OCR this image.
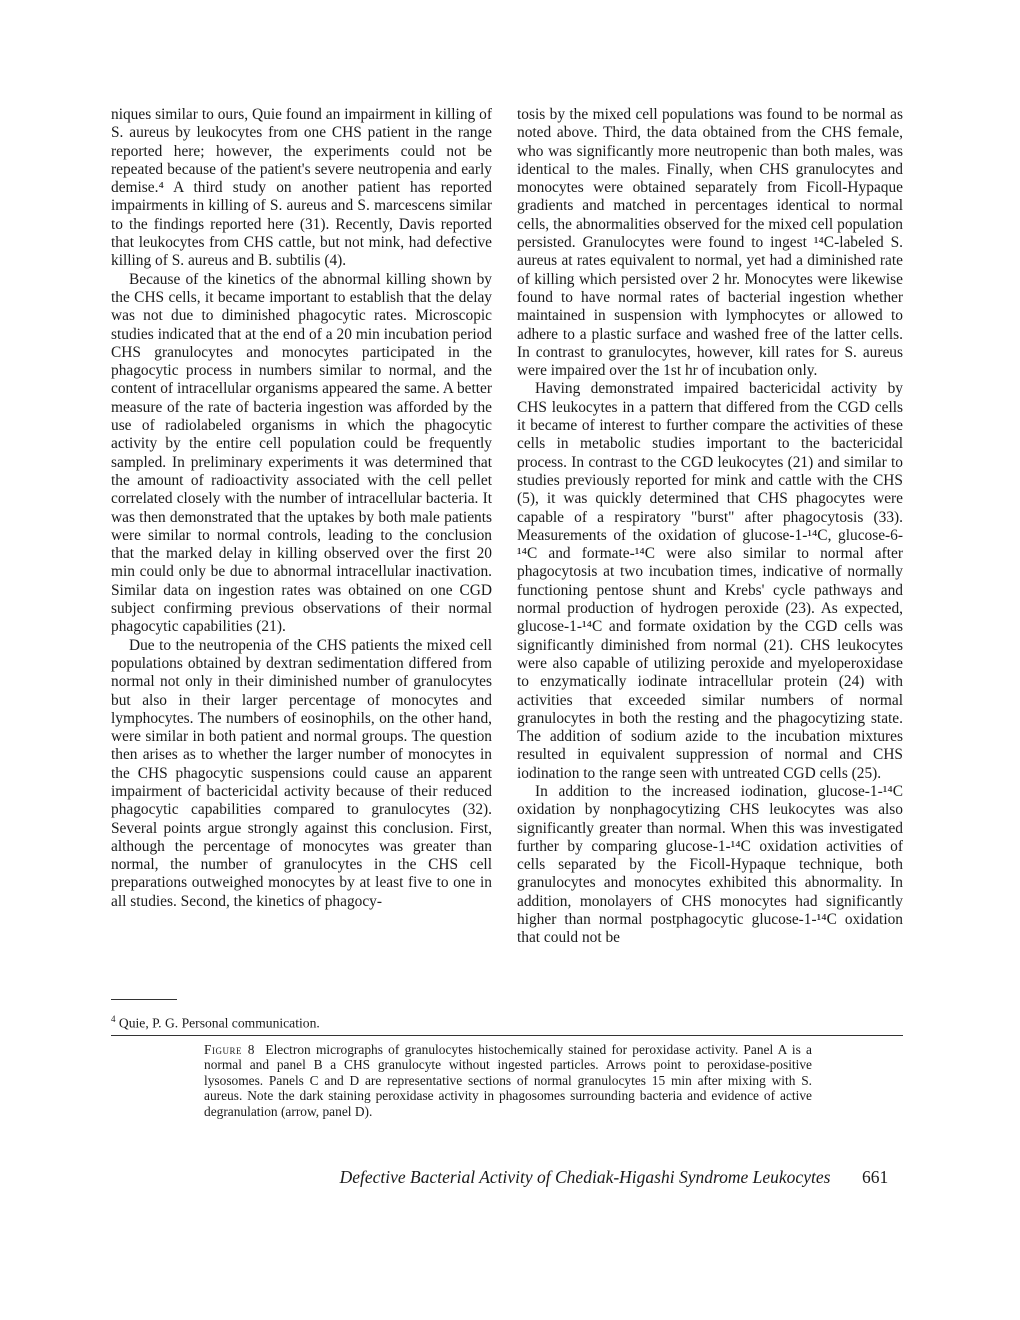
niques similar to ours, Quie found an impairment in killing of S. aureus by leukocytes from one CHS patient in the range reported here; however, the experiments could not be repeated because of the patient's severe neutropenia and early demise.⁴ A third study on another patient has reported impairments in killing of S. aureus and S. marcescens similar to the findings reported here (31). Recently, Davis reported that leukocytes from CHS cattle, but not mink, had defective killing of S. aureus and B. subtilis (4).

Because of the kinetics of the abnormal killing shown by the CHS cells, it became important to establish that the delay was not due to diminished phagocytic rates. Microscopic studies indicated that at the end of a 20 min incubation period CHS granulocytes and monocytes participated in the phagocytic process in numbers similar to normal, and the content of intracellular organisms appeared the same. A better measure of the rate of bacteria ingestion was afforded by the use of radiolabeled organisms in which the phagocytic activity by the entire cell population could be frequently sampled. In preliminary experiments it was determined that the amount of radioactivity associated with the cell pellet correlated closely with the number of intracellular bacteria. It was then demonstrated that the uptakes by both male patients were similar to normal controls, leading to the conclusion that the marked delay in killing observed over the first 20 min could only be due to abnormal intracellular inactivation. Similar data on ingestion rates was obtained on one CGD subject confirming previous observations of their normal phagocytic capabilities (21).

Due to the neutropenia of the CHS patients the mixed cell populations obtained by dextran sedimentation differed from normal not only in their diminished number of granulocytes but also in their larger percentage of monocytes and lymphocytes. The numbers of eosinophils, on the other hand, were similar in both patient and normal groups. The question then arises as to whether the larger number of monocytes in the CHS phagocytic suspensions could cause an apparent impairment of bactericidal activity because of their reduced phagocytic capabilities compared to granulocytes (32). Several points argue strongly against this conclusion. First, although the percentage of monocytes was greater than normal, the number of granulocytes in the CHS cell preparations outweighed monocytes by at least five to one in all studies. Second, the kinetics of phagocy-

tosis by the mixed cell populations was found to be normal as noted above. Third, the data obtained from the CHS female, who was significantly more neutropenic than both males, was identical to the males. Finally, when CHS granulocytes and monocytes were obtained separately from Ficoll-Hypaque gradients and matched in percentages identical to normal cells, the abnormalities observed for the mixed cell population persisted. Granulocytes were found to ingest ¹⁴C-labeled S. aureus at rates equivalent to normal, yet had a diminished rate of killing which persisted over 2 hr. Monocytes were likewise found to have normal rates of bacterial ingestion whether maintained in suspension with lymphocytes or allowed to adhere to a plastic surface and washed free of the latter cells. In contrast to granulocytes, however, kill rates for S. aureus were impaired over the 1st hr of incubation only.

Having demonstrated impaired bactericidal activity by CHS leukocytes in a pattern that differed from the CGD cells it became of interest to further compare the activities of these cells in metabolic studies important to the bactericidal process. In contrast to the CGD leukocytes (21) and similar to studies previously reported for mink and cattle with the CHS (5), it was quickly determined that CHS phagocytes were capable of a respiratory "burst" after phagocytosis (33). Measurements of the oxidation of glucose-1-¹⁴C, glucose-6-¹⁴C and formate-¹⁴C were also similar to normal after phagocytosis at two incubation times, indicative of normally functioning pentose shunt and Krebs' cycle pathways and normal production of hydrogen peroxide (23). As expected, glucose-1-¹⁴C and formate oxidation by the CGD cells was significantly diminished from normal (21). CHS leukocytes were also capable of utilizing peroxide and myeloperoxidase to enzymatically iodinate intracellular protein (24) with activities that exceeded similar numbers of normal granulocytes in both the resting and the phagocytizing state. The addition of sodium azide to the incubation mixtures resulted in equivalent suppression of normal and CHS iodination to the range seen with untreated CGD cells (25).

In addition to the increased iodination, glucose-1-¹⁴C oxidation by nonphagocytizing CHS leukocytes was also significantly greater than normal. When this was investigated further by comparing glucose-1-¹⁴C oxidation activities of cells separated by the Ficoll-Hypaque technique, both granulocytes and monocytes exhibited this abnormality. In addition, monolayers of CHS monocytes had significantly higher than normal postphagocytic glucose-1-¹⁴C oxidation that could not be

$^4$ Quie, P. G. Personal communication.
Figure 8 Electron micrographs of granulocytes histochemically stained for peroxidase activity. Panel A is a normal and panel B a CHS granulocyte without ingested particles. Arrows point to peroxidase-positive lysosomes. Panels C and D are representative sections of normal granulocytes 15 min after mixing with S. aureus. Note the dark staining peroxidase activity in phagosomes surrounding bacteria and evidence of active degranulation (arrow, panel D).
Defective Bacterial Activity of Chediak-Higashi Syndrome Leukocytes	661
